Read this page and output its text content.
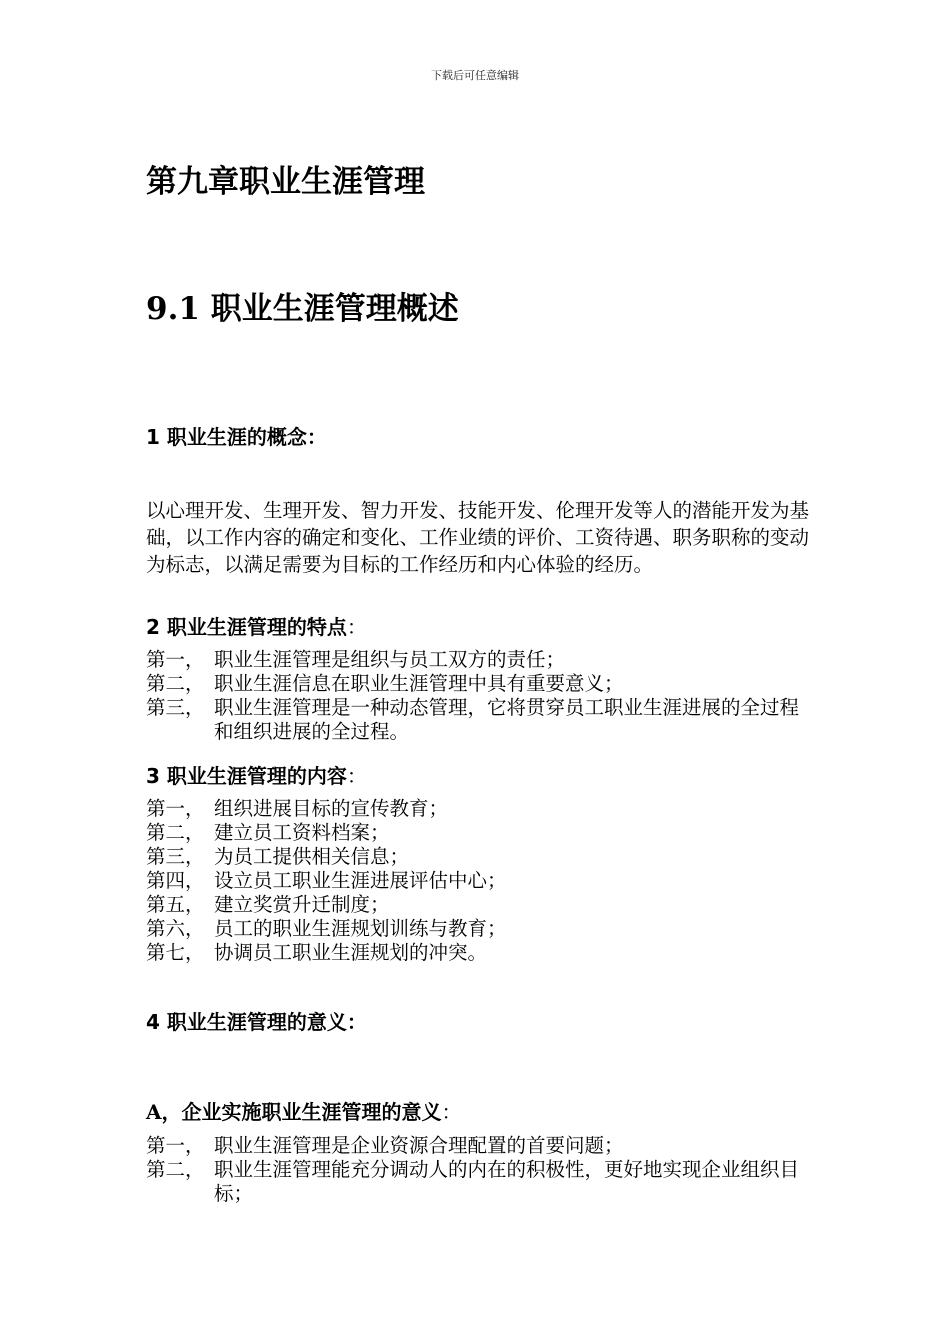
下载后可任意编辑
第九章职业生涯管理
9.1 职业生涯管理概述
1 职业生涯的概念：

以心理开发、生理开发、智力开发、技能开发、伦理开发等人的潜能开发为基础，以工作内容的确定和变化、工作业绩的评价、工资待遇、职务职称的变动为标志，以满足需要为目标的工作经历和内心体验的经历。

2 职业生涯管理的特点：
第一， 职业生涯管理是组织与员工双方的责任；
第二， 职业生涯信息在职业生涯管理中具有重要意义；
第三， 职业生涯管理是一种动态管理，它将贯穿员工职业生涯进展的全过程和组织进展的全过程。
3 职业生涯管理的内容：
第一， 组织进展目标的宣传教育；
第二， 建立员工资料档案；
第三， 为员工提供相关信息；
第四， 设立员工职业生涯进展评估中心；
第五， 建立奖赏升迁制度；
第六， 员工的职业生涯规划训练与教育；
第七， 协调员工职业生涯规划的冲突。
4 职业生涯管理的意义：
A，企业实施职业生涯管理的意义：
第一， 职业生涯管理是企业资源合理配置的首要问题；
第二， 职业生涯管理能充分调动人的内在的积极性，更好地实现企业组织目标；
